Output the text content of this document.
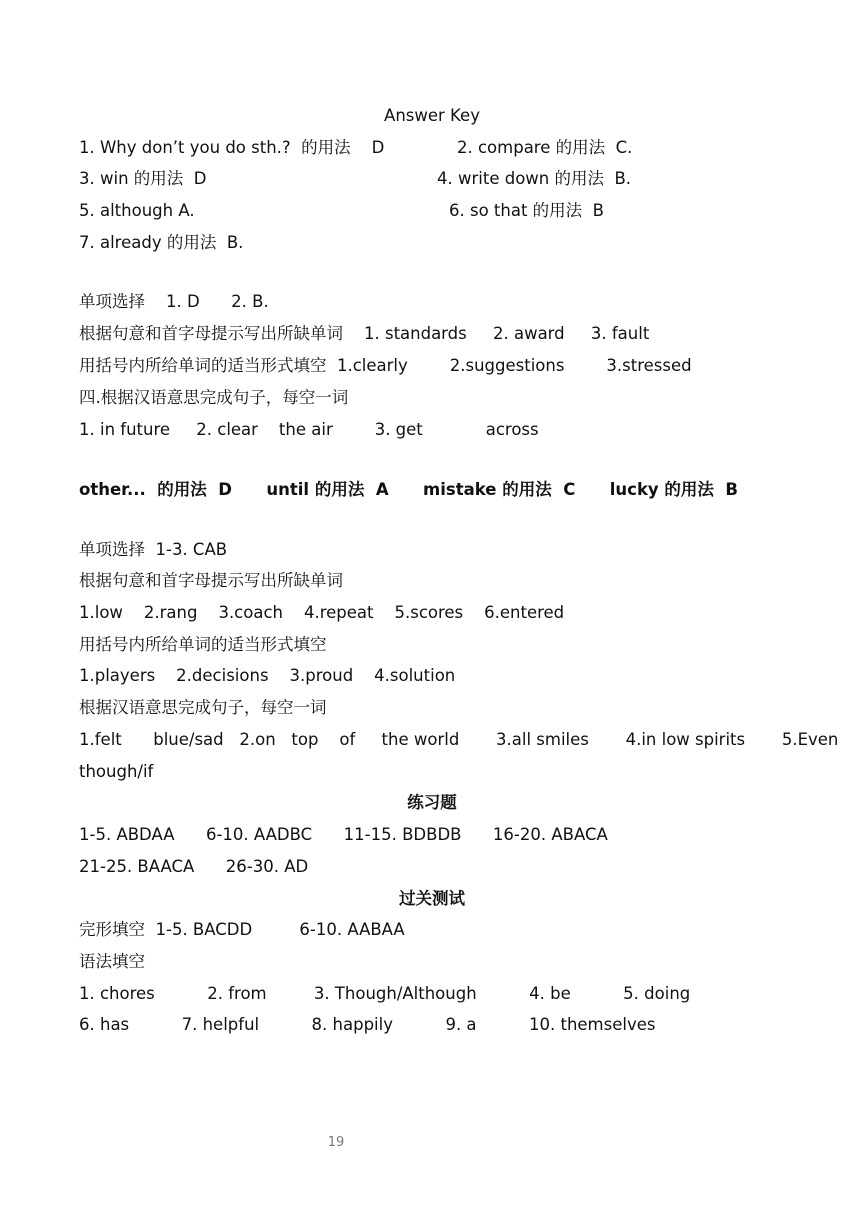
Answer Key
1. Why don’t you do sth.?  的用法    D	2. compare 的用法  C.
3. win 的用法  D	4. write down 的用法  B.
5. although A.	6. so that 的用法  B
7. already 的用法  B.
单项选择    1. D      2. B.
根据句意和首字母提示写出所缺单词    1. standards     2. award     3. fault
用括号内所给单词的适当形式填空  1.clearly        2.suggestions        3.stressed
四.根据汉语意思完成句子，每空一词
1. in future     2. clear    the air        3. get            across
other...  的用法  D      until 的用法  A      mistake 的用法  C      lucky 的用法  B
单项选择  1-3. CAB
根据句意和首字母提示写出所缺单词
1.low    2.rang    3.coach    4.repeat    5.scores    6.entered
用括号内所给单词的适当形式填空
1.players    2.decisions    3.proud    4.solution
根据汉语意思完成句子，每空一词
1.felt      blue/sad   2.on   top    of     the world       3.all smiles       4.in low spirits       5.Even
though/if
练习题
1-5. ABDAA      6-10. AADBC      11-15. BDBDB      16-20. ABACA
21-25. BAACA      26-30. AD
过关测试
完形填空  1-5. BACDD         6-10. AABAA
语法填空
1. chores          2. from         3. Though/Although          4. be          5. doing
6. has          7. helpful          8. happily          9. a          10. themselves
19
